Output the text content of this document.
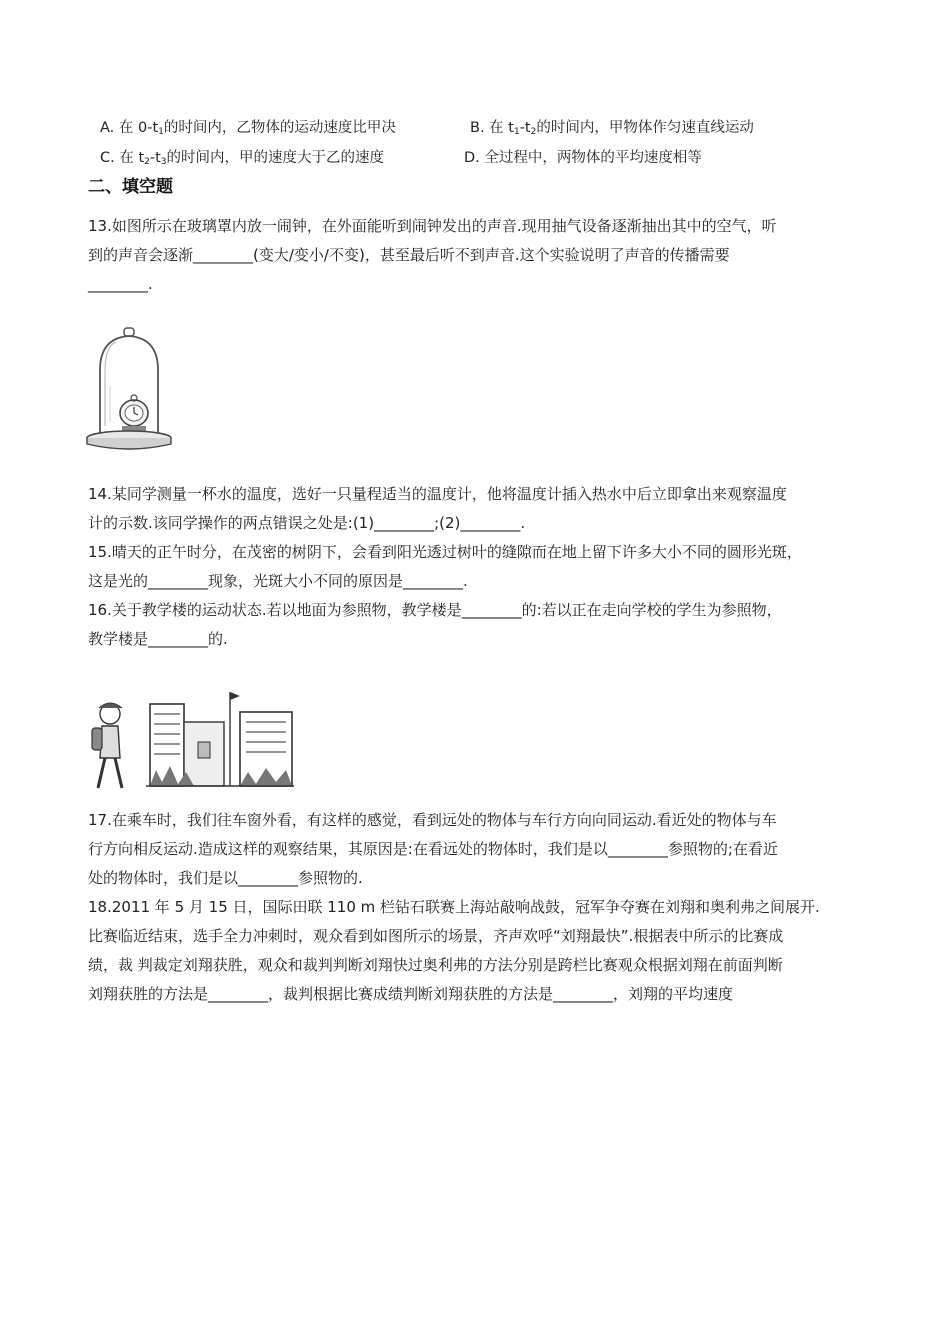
A. 在 $0-t_1$的时间内，乙物体的运动速度比甲决	B. 在 $t_1-t_2$的时间内，甲物体作匀速直线运动
C. 在 $t_2-t_3$的时间内，甲的速度大于乙的速度	D. 全过程中，两物体的平均速度相等
二、填空题
13.如图所示在玻璃罩内放一闹钟，在外面能听到闹钟发出的声音.现用抽气设备逐渐抽出其中的空气，听
到的声音会逐渐________(变大/变小/不变)，甚至最后听不到声音.这个实验说明了声音的传播需要
________.
14.某同学测量一杯水的温度，选好一只量程适当的温度计，他将温度计插入热水中后立即拿出来观察温度
计的示数.该同学操作的两点错误之处是:(1)________;(2)________.
15.晴天的正午时分，在茂密的树阴下，会看到阳光透过树叶的缝隙而在地上留下许多大小不同的圆形光斑，
这是光的________现象，光斑大小不同的原因是________.
16.关于教学楼的运动状态.若以地面为参照物，教学楼是________的:若以正在走向学校的学生为参照物，
教学楼是________的.
17.在乘车时，我们往车窗外看，有这样的感觉，看到远处的物体与车行方向向同运动.看近处的物体与车
行方向相反运动.造成这样的观察结果，其原因是:在看远处的物体时，我们是以________参照物的;在看近
处的物体时，我们是以________参照物的.
18.2011 年 5 月 15 日，国际田联 110 m 栏钻石联赛上海站敲响战鼓，冠军争夺赛在刘翔和奥利弗之间展开.
比赛临近结束，选手全力冲刺时，观众看到如图所示的场景，齐声欢呼“刘翔最快”.根据表中所示的比赛成
绩，裁 判裁定刘翔获胜，观众和裁判判断刘翔快过奥利弗的方法分别是跨栏比赛观众根据刘翔在前面判断
刘翔获胜的方法是________，裁判根据比赛成绩判断刘翔获胜的方法是________，刘翔的平均速度
